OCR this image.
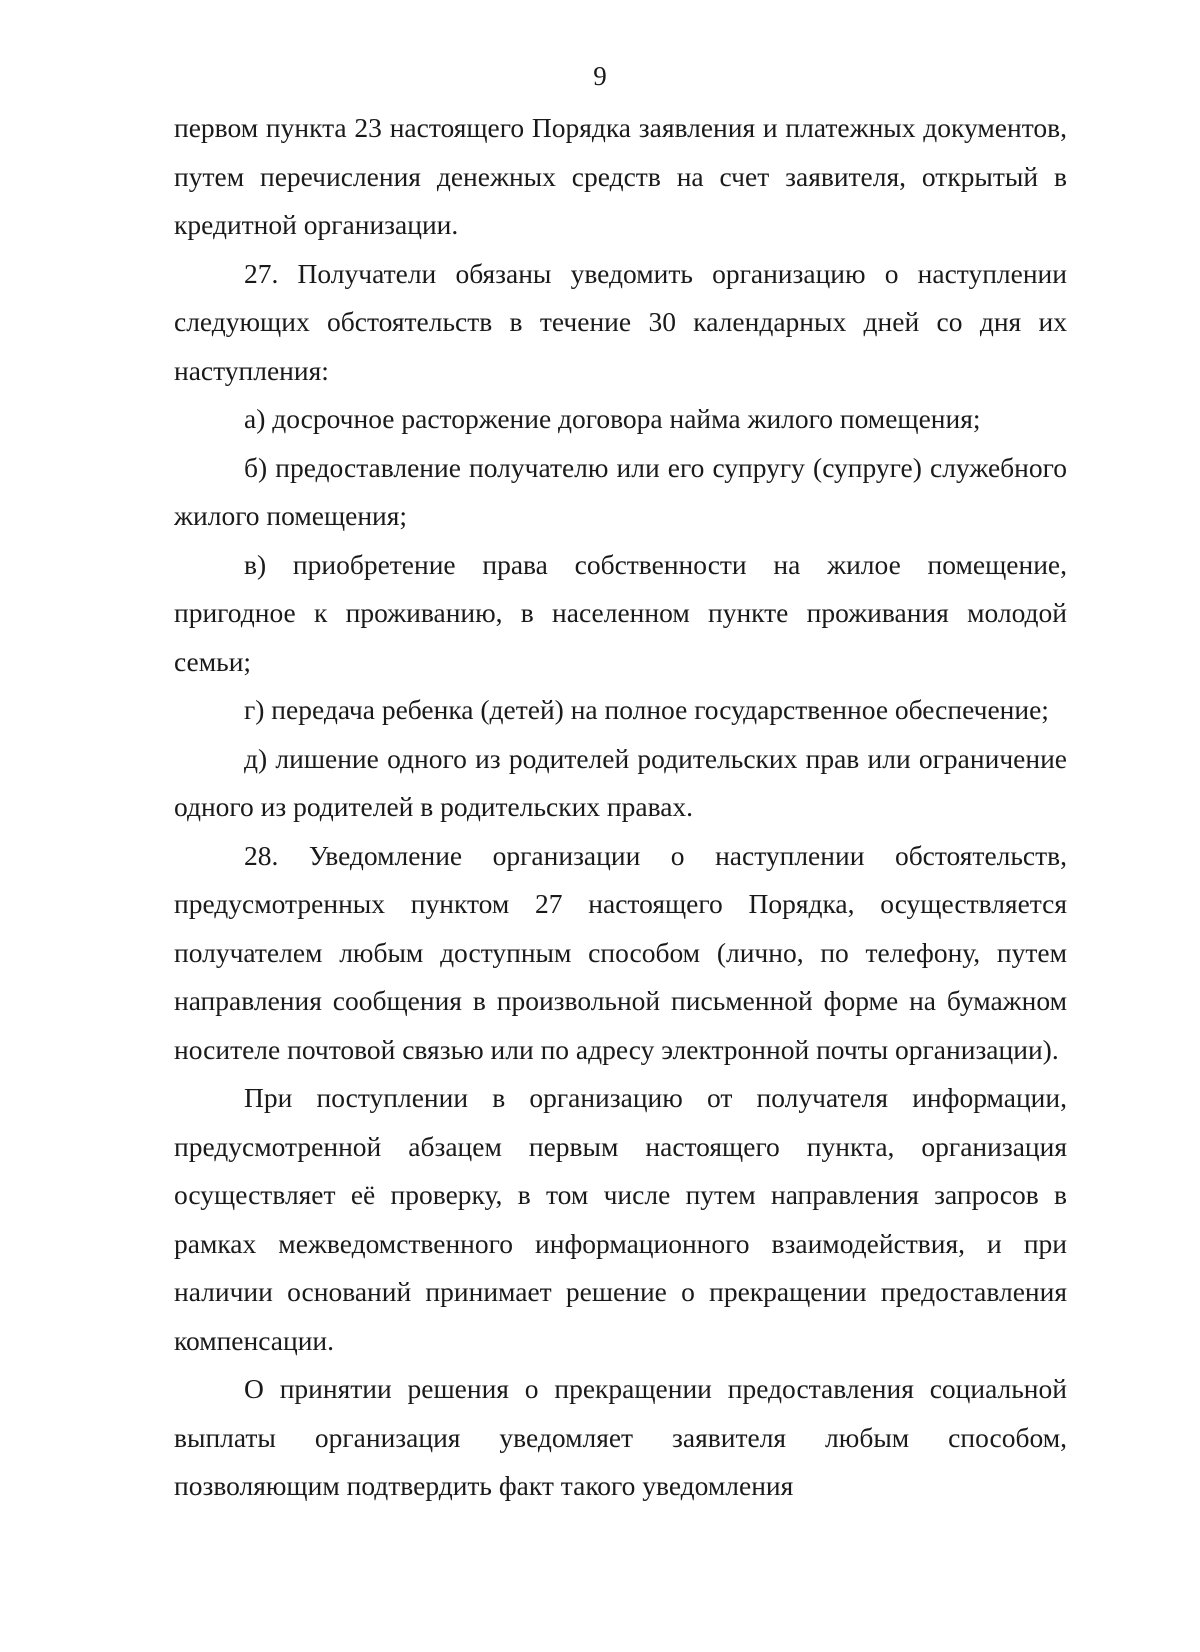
9

первом пункта 23 настоящего Порядка заявления и платежных документов, путем перечисления денежных средств на счет заявителя, открытый в кредитной организации.

27. Получатели обязаны уведомить организацию о наступлении следующих обстоятельств в течение 30 календарных дней со дня их наступления:

а) досрочное расторжение договора найма жилого помещения;

б) предоставление получателю или его супругу (супруге) служебного жилого помещения;

в) приобретение права собственности на жилое помещение, пригодное к проживанию, в населенном пункте проживания молодой семьи;

г) передача ребенка (детей) на полное государственное обеспечение;

д) лишение одного из родителей родительских прав или ограничение одного из родителей в родительских правах.

28. Уведомление организации о наступлении обстоятельств, предусмотренных пунктом 27 настоящего Порядка, осуществляется получателем любым доступным способом (лично, по телефону, путем направления сообщения в произвольной письменной форме на бумажном носителе почтовой связью или по адресу электронной почты организации).

При поступлении в организацию от получателя информации, предусмотренной абзацем первым настоящего пункта, организация осуществляет её проверку, в том числе путем направления запросов в рамках межведомственного информационного взаимодействия, и при наличии оснований принимает решение о прекращении предоставления компенсации.

О принятии решения о прекращении предоставления социальной выплаты организация уведомляет заявителя любым способом, позволяющим подтвердить факт такого уведомления
